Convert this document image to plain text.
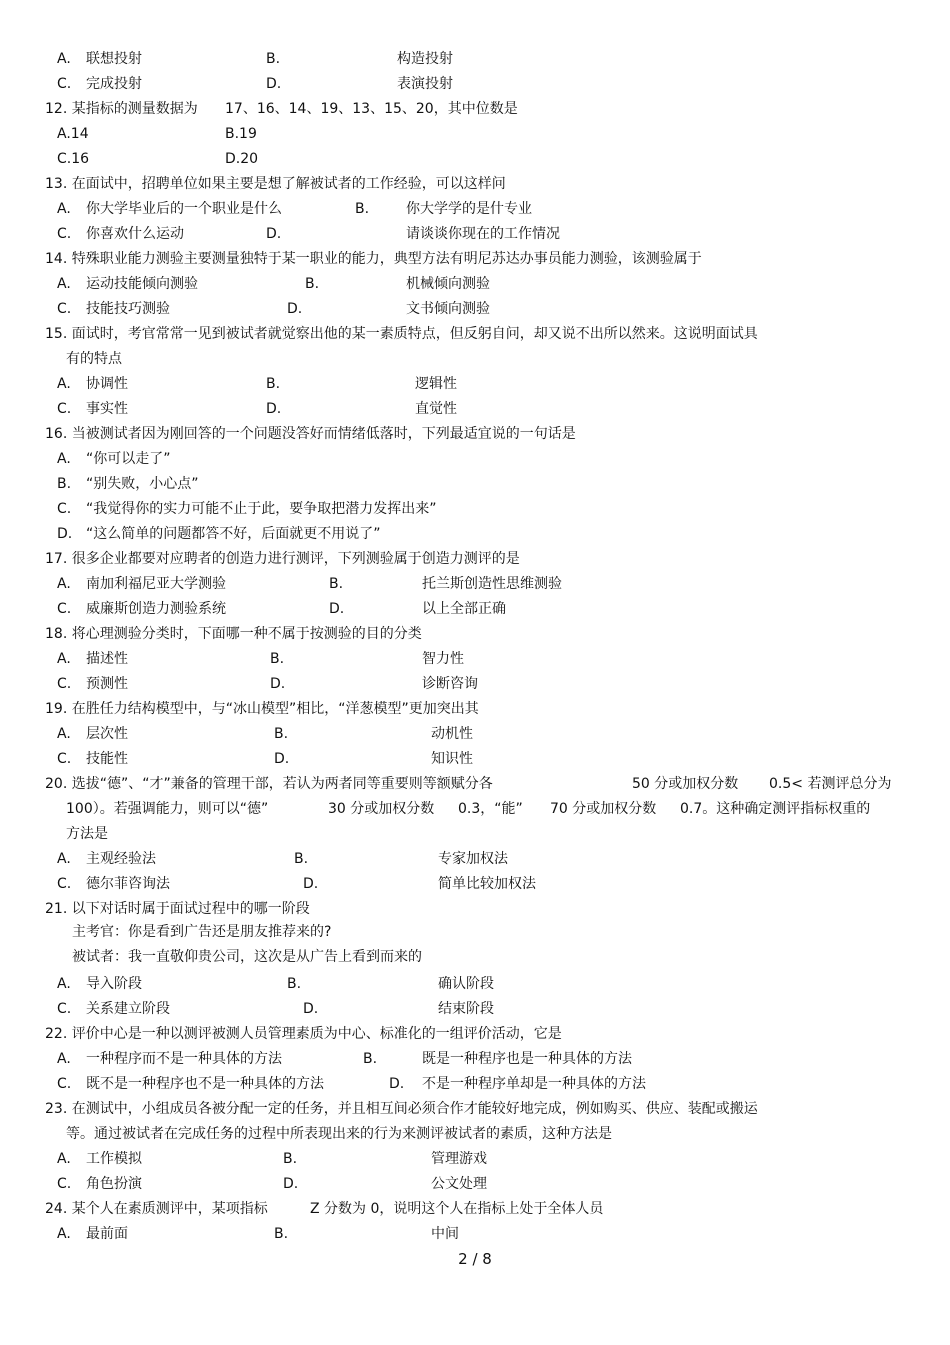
A. 联想投射	B.	构造投射
C. 完成投射	D.	表演投射
12. 某指标的测量数据为 17、16、14、19、13、15、20，其中位数是
A.14	B.19
C.16	D.20
13. 在面试中，招聘单位如果主要是想了解被试者的工作经验，可以这样问
A. 你大学毕业后的一个职业是什么	B.	你大学学的是什专业
C. 你喜欢什么运动	D.	请谈谈你现在的工作情况
14. 特殊职业能力测验主要测量独特于某一职业的能力，典型方法有明尼苏达办事员能力测验，该测验属于
A. 运动技能倾向测验	B.	机械倾向测验
C. 技能技巧测验	D.	文书倾向测验
15. 面试时，考官常常一见到被试者就觉察出他的某一素质特点，但反躬自问，却又说不出所以然来。这说明面试具
有的特点
A. 协调性	B.	逻辑性
C. 事实性	D.	直觉性
16. 当被测试者因为刚回答的一个问题没答好而情绪低落时，下列最适宜说的一句话是
A. “你可以走了”
B. “别失败，小心点”
C. “我觉得你的实力可能不止于此，要争取把潜力发挥出来”
D. “这么简单的问题都答不好，后面就更不用说了”
17. 很多企业都要对应聘者的创造力进行测评，下列测验属于创造力测评的是
A. 南加利福尼亚大学测验	B.	托兰斯创造性思维测验
C. 威廉斯创造力测验系统	D.	以上全部正确
18. 将心理测验分类时，下面哪一种不属于按测验的目的分类
A. 描述性	B.	智力性
C. 预测性	D.	诊断咨询
19. 在胜任力结构模型中，与“冰山模型”相比，“洋葱模型”更加突出其
A. 层次性	B.	动机性
C. 技能性	D.	知识性
20. 选拔“德”、“才”兼备的管理干部，若认为两者同等重要则等额赋分各	50 分或加权分数 0.5< 若测评总分为
100）。若强调能力，则可以“德”	30 分或加权分数 0.3，“能” 70 分或加权分数 0.7。这种确定测评指标权重的
方法是
A. 主观经验法	B.	专家加权法
C. 德尔菲咨询法	D.	简单比较加权法
21. 以下对话时属于面试过程中的哪一阶段
主考官：你是看到广告还是朋友推荐来的?
被试者：我一直敬仰贵公司，这次是从广告上看到而来的
A. 导入阶段	B.	确认阶段
C. 关系建立阶段	D.	结束阶段
22. 评价中心是一种以测评被测人员管理素质为中心、标准化的一组评价活动，它是
A. 一种程序而不是一种具体的方法	B.	既是一种程序也是一种具体的方法
C. 既不是一种程序也不是一种具体的方法	D. 不是一种程序单却是一种具体的方法
23. 在测试中，小组成员各被分配一定的任务，并且相互间必须合作才能较好地完成，例如购买、供应、装配或搬运
等。通过被试者在完成任务的过程中所表现出来的行为来测评被试者的素质，这种方法是
A. 工作模拟	B.	管理游戏
C. 角色扮演	D.	公文处理
24. 某个人在素质测评中，某项指标	Z 分数为 0，说明这个人在指标上处于全体人员
A. 最前面	B.	中间
2 / 8
